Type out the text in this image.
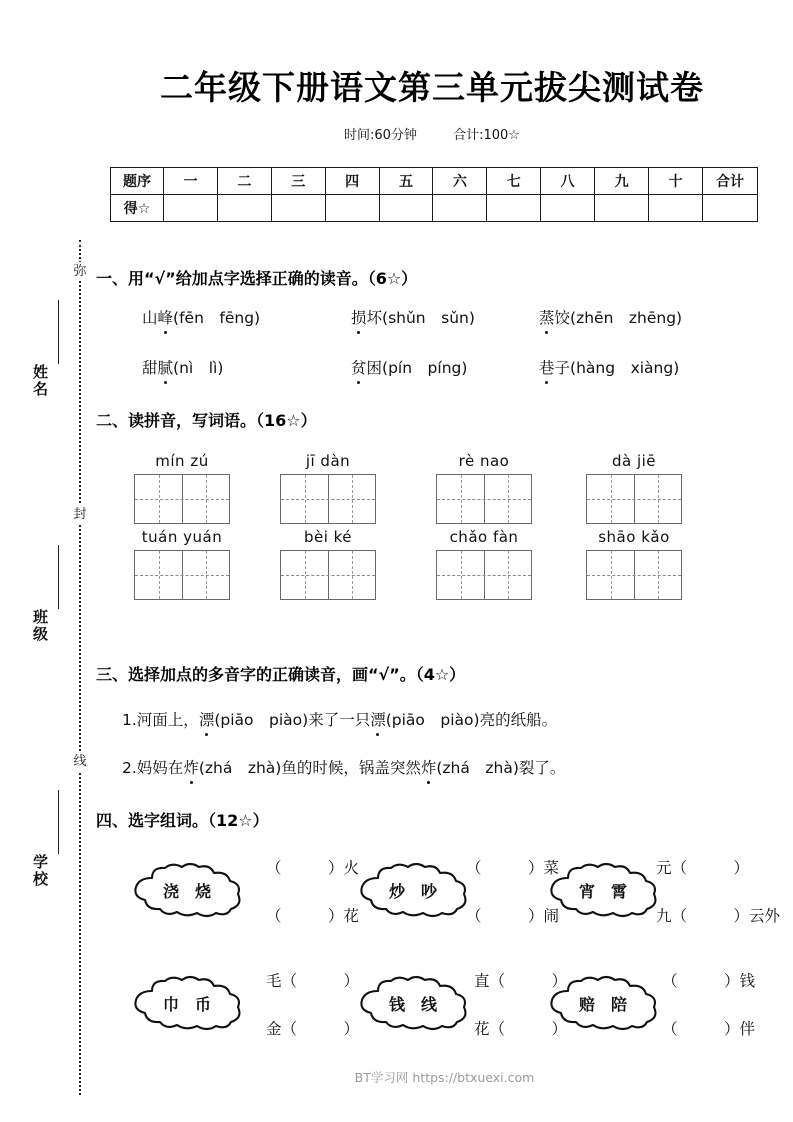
弥
封
线
姓名
班级
学校
二年级下册语文第三单元拔尖测试卷
时间:60分钟	合计:100☆
题序	一	二	三	四	五	六	七	八	九	十	合计
得☆											
一、用“√”给加点字选择正确的读音。（6☆）
山峰(fēn　fēng)	损坏(shǔn　sǔn)	蒸饺(zhēn　zhēng)
甜腻(nì　lì)	贫困(pín　píng)	巷子(hàng　xiàng)
二、读拼音，写词语。（16☆）
mín zú	jī dàn	rè nao	dà jiē
tuán yuán	bèi ké	chǎo fàn	shāo kǎo
三、选择加点的多音字的正确读音，画“√”。（4☆）
1.河面上，漂(piāo　piào)来了一只漂(piāo　piào)亮的纸船。
2.妈妈在炸(zhá　zhà)鱼的时候，锅盖突然炸(zhá　zhà)裂了。
四、选字组词。（12☆）
浇 烧
（　　　）火
（　　　）花
炒 吵
（　　　）菜
（　　　）闹
宵 霄
元（　　　）
九（　　　）云外
巾 币
毛（　　　）
金（　　　）
钱 线
直（　　　）
花（　　　）
赔 陪
（　　　）钱
（　　　）伴
BT学习网 https://btxuexi.com
